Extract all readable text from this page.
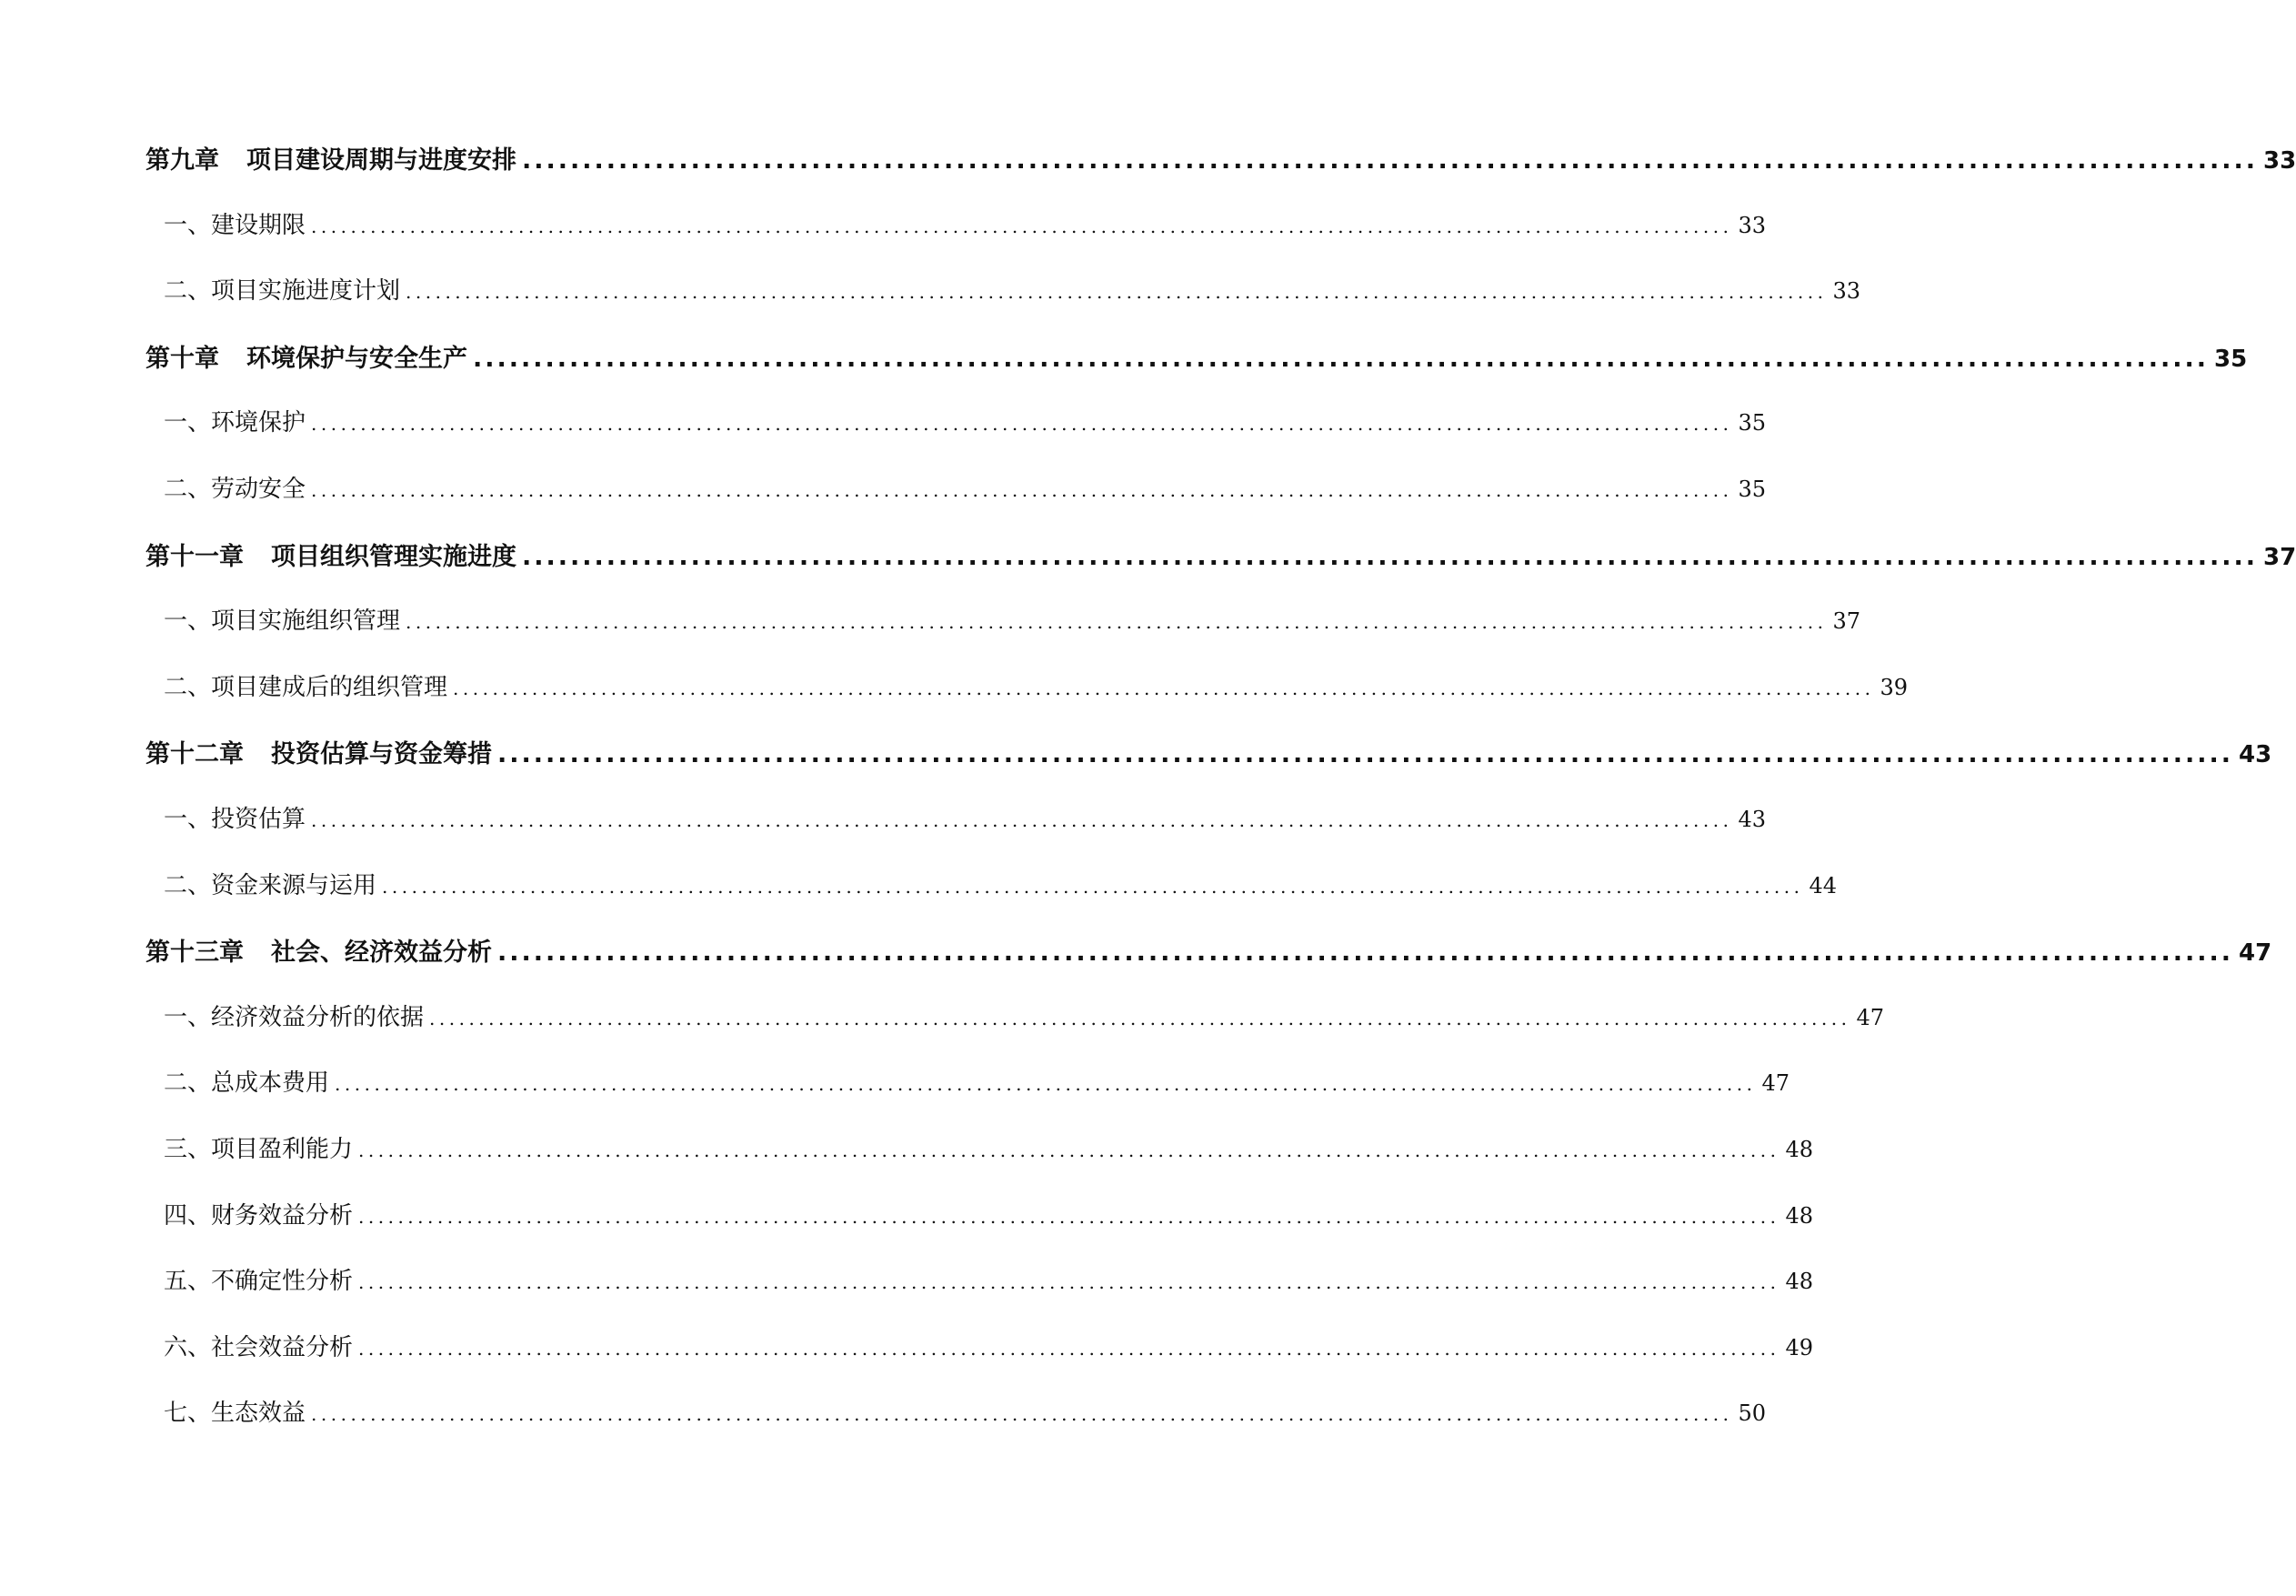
第九章 项目建设周期与进度安排 ................................................................................................................................................ 33
一、建设期限 ................................................................................................................................................ 33
二、项目实施进度计划 ................................................................................................................................................ 33
第十章 环境保护与安全生产 ................................................................................................................................................ 35
一、环境保护 ................................................................................................................................................ 35
二、劳动安全 ................................................................................................................................................ 35
第十一章 项目组织管理实施进度 ................................................................................................................................................ 37
一、项目实施组织管理 ................................................................................................................................................ 37
二、项目建成后的组织管理 ................................................................................................................................................ 39
第十二章 投资估算与资金筹措 ................................................................................................................................................ 43
一、投资估算 ................................................................................................................................................ 43
二、资金来源与运用 ................................................................................................................................................ 44
第十三章 社会、经济效益分析 ................................................................................................................................................ 47
一、经济效益分析的依据 ................................................................................................................................................ 47
二、总成本费用 ................................................................................................................................................ 47
三、项目盈利能力 ................................................................................................................................................ 48
四、财务效益分析 ................................................................................................................................................ 48
五、不确定性分析 ................................................................................................................................................ 48
六、社会效益分析 ................................................................................................................................................ 49
七、生态效益 ................................................................................................................................................ 50
